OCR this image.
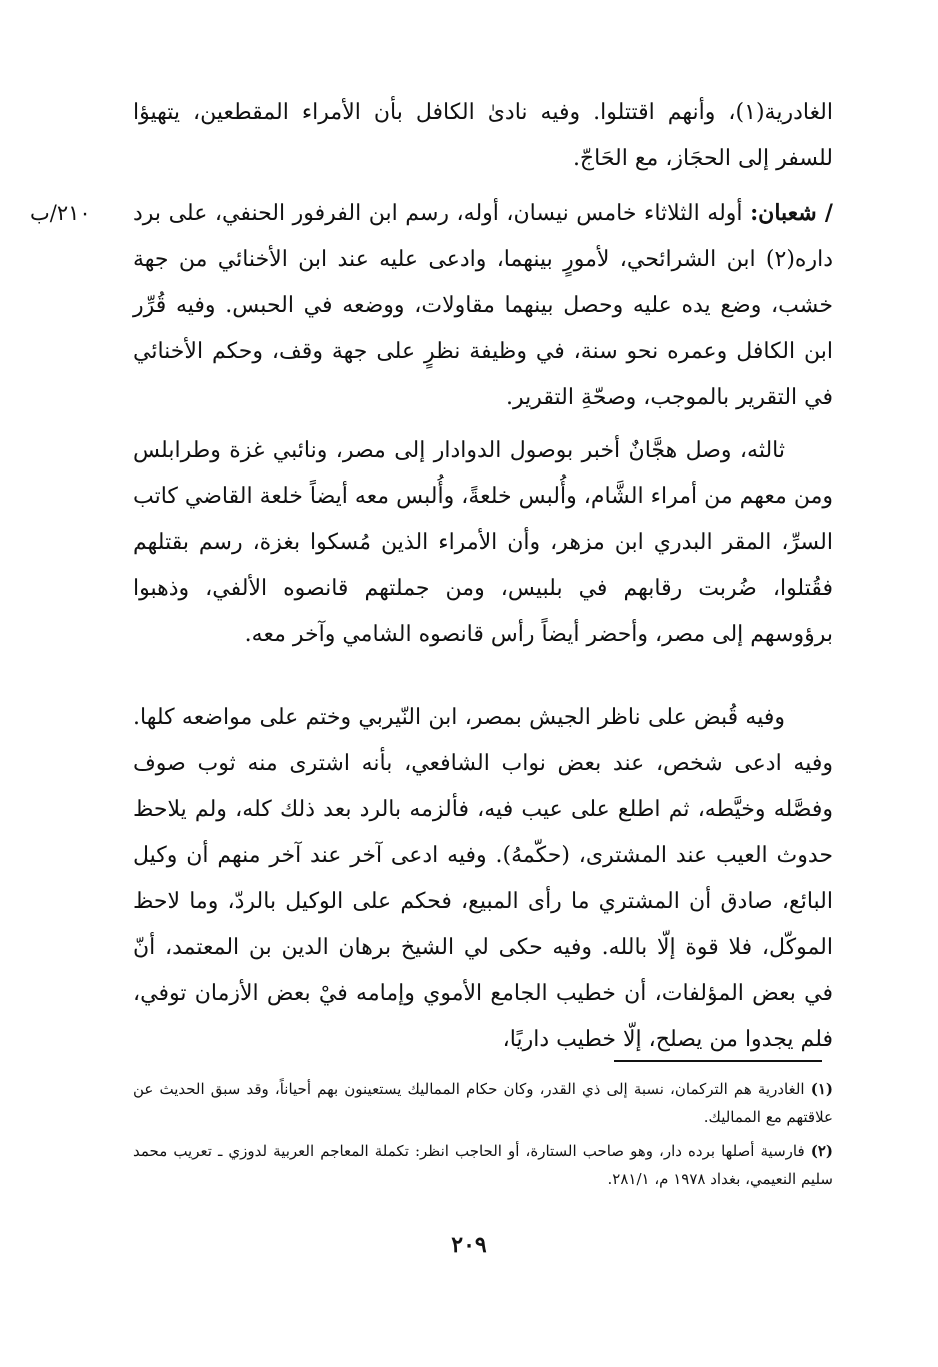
٢١٠/ب
الغادرية(١)، وأنهم اقتتلوا. وفيه نادىٰ الكافل بأن الأمراء المقطعين، يتهيؤا للسفر إلى الحجَاز، مع الحَاجّ.
/ شعبان: أوله الثلاثاء خامس نيسان، أوله، رسم ابن الفرفور الحنفي، على برد داره(٢) ابن الشرائحي، لأمورٍ بينهما، وادعى عليه عند ابن الأخنائي من جهة خشب، وضع يده عليه وحصل بينهما مقاولات، ووضعه في الحبس. وفيه قُرِّر ابن الكافل وعمره نحو سنة، في وظيفة نظرٍ على جهة وقف، وحكم الأخنائي في التقرير بالموجب، وصحّةِ التقرير.
ثالثه، وصل هجَّانٌ أخبر بوصول الدوادار إلى مصر، ونائبي غزة وطرابلس ومن معهم من أمراء الشَّام، وأُلبس خلعةً، وأُلبس معه أيضاً خلعة القاضي كاتب السرِّ، المقر البدري ابن مزهر، وأن الأمراء الذين مُسكوا بغزة، رسم بقتلهم فقُتلوا، ضُربت رقابهم في بلبيس، ومن جملتهم قانصوه الألفي، وذهبوا برؤوسهم إلى مصر، وأحضر أيضاً رأس قانصوه الشامي وآخر معه.
وفيه قُبض على ناظر الجيش بمصر، ابن النّيربي وختم على مواضعه كلها. وفيه ادعى شخص، عند بعض نواب الشافعي، بأنه اشترى منه ثوب صوف وفصَّله وخيَّطه، ثم اطلع على عيب فيه، فألزمه بالرد بعد ذلك كله، ولم يلاحظ حدوث العيب عند المشترى، (حكّمهُ). وفيه ادعى آخر عند آخر منهم أن وكيل البائع، صادق أن المشتري ما رأى المبيع، فحكم على الوكيل بالردّ، وما لاحظ الموكّل، فلا قوة إلّا بالله. وفيه حكى لي الشيخ برهان الدين بن المعتمد، أنّ في بعض المؤلفات، أن خطيب الجامع الأموي وإمامه فيْ بعض الأزمان توفي، فلم يجدوا من يصلح، إلّا خطيب داريًا،
(١) الغادرية هم التركمان، نسبة إلى ذي القدر، وكان حكام المماليك يستعينون بهم أحياناً، وقد سبق الحديث عن علاقتهم مع المماليك.
(٢) فارسية أصلها برده دار، وهو صاحب الستارة، أو الحاجب انظر: تكملة المعاجم العربية لدوزي ـ تعريب محمد سليم النعيمي، بغداد ١٩٧٨ م، ٢٨١/١.
٢٠٩
